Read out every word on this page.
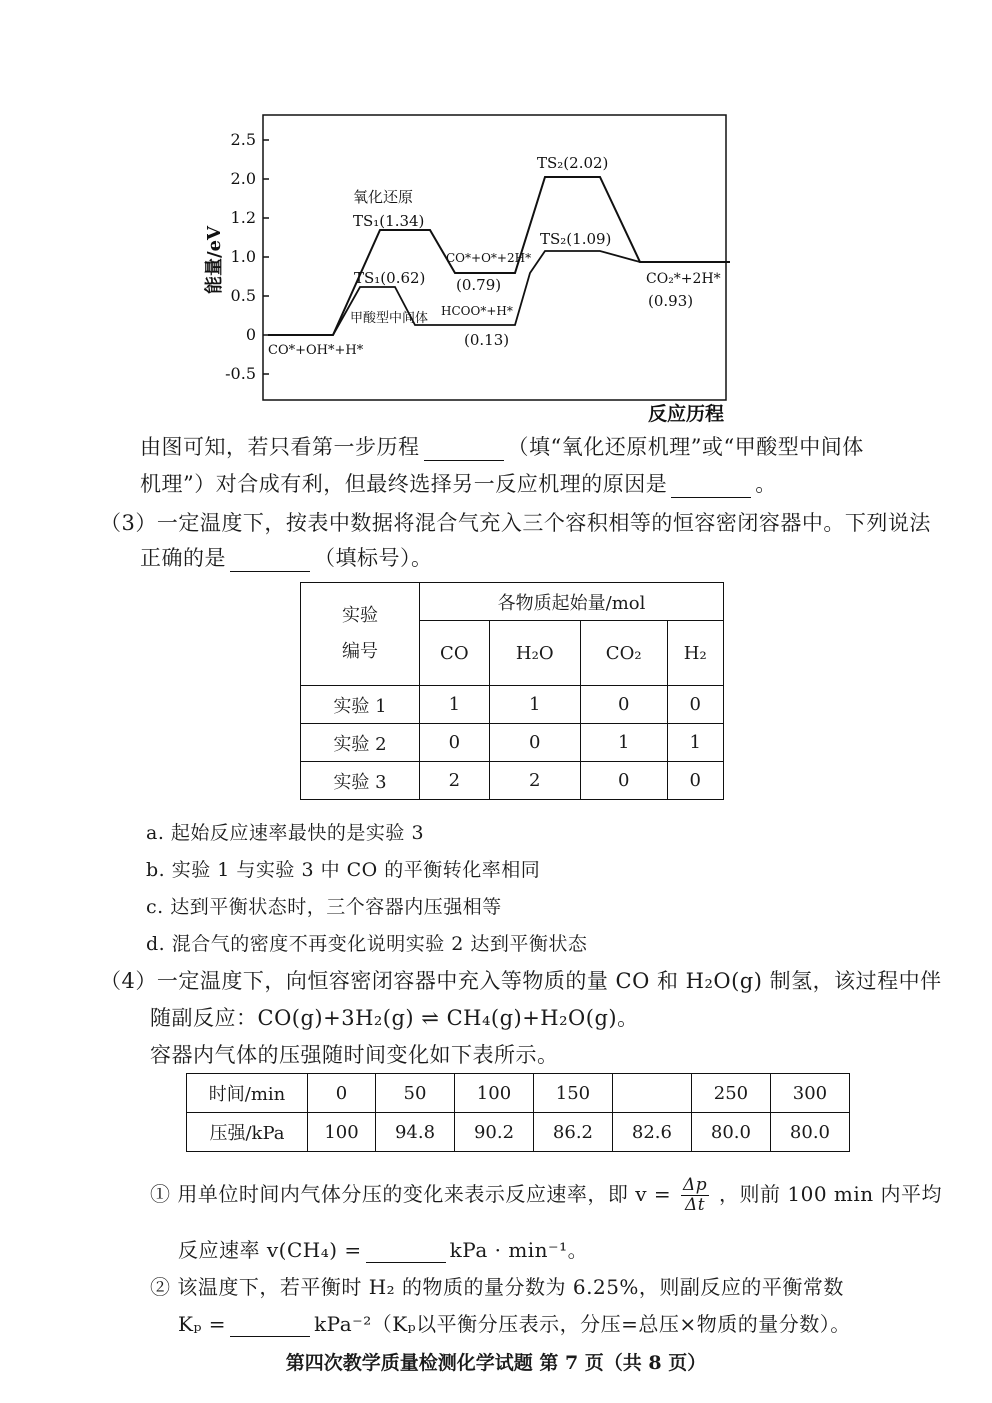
2.5
2.0
1.0
0.5
0
-0.5
1.2
能量/eV
氧化还原
TS₁(1.34)
TS₁(0.62)
甲酸型中间体
CO*+OH*+H*
CO*+O*+2H*
(0.79)
HCOO*+H*
(0.13)
TS₂(2.02)
TS₂(1.09)
CO₂*+2H*
(0.93)
反应历程
由图可知，若只看第一步历程	（填“氧化还原机理”或“甲酸型中间体
机理”）对合成有利，但最终选择另一反应机理的原因是	。
（3）一定温度下，按表中数据将混合气充入三个容积相等的恒容密闭容器中。下列说法
正确的是	（填标号）。
实验
编号	各物质起始量/mol			
	CO	H₂O	CO₂	H₂
实验 1	1	1	0	0
实验 2	0	0	1	1
实验 3	2	2	0	0
a. 起始反应速率最快的是实验 3
b. 实验 1 与实验 3 中 CO 的平衡转化率相同
c. 达到平衡状态时，三个容器内压强相等
d. 混合气的密度不再变化说明实验 2 达到平衡状态
（4）一定温度下，向恒容密闭容器中充入等物质的量 CO 和 H₂O(g) 制氢，该过程中伴
随副反应：CO(g)+3H₂(g) ⇌ CH₄(g)+H₂O(g)。
容器内气体的压强随时间变化如下表所示。
时间/min	0	50	100	150		250	300
压强/kPa	100	94.8	90.2	86.2	82.6	80.0	80.0
① 用单位时间内气体分压的变化来表示反应速率，即 $v = \frac{\Delta p}{\Delta t}$ ，则前 100 min 内平均
反应速率 v(CH₄) =	kPa · min⁻¹。
② 该温度下，若平衡时 H₂ 的物质的量分数为 6.25%，则副反应的平衡常数
Kₚ =	kPa⁻²（Kₚ以平衡分压表示，分压=总压×物质的量分数）。
第四次教学质量检测化学试题 第 7 页（共 8 页）
